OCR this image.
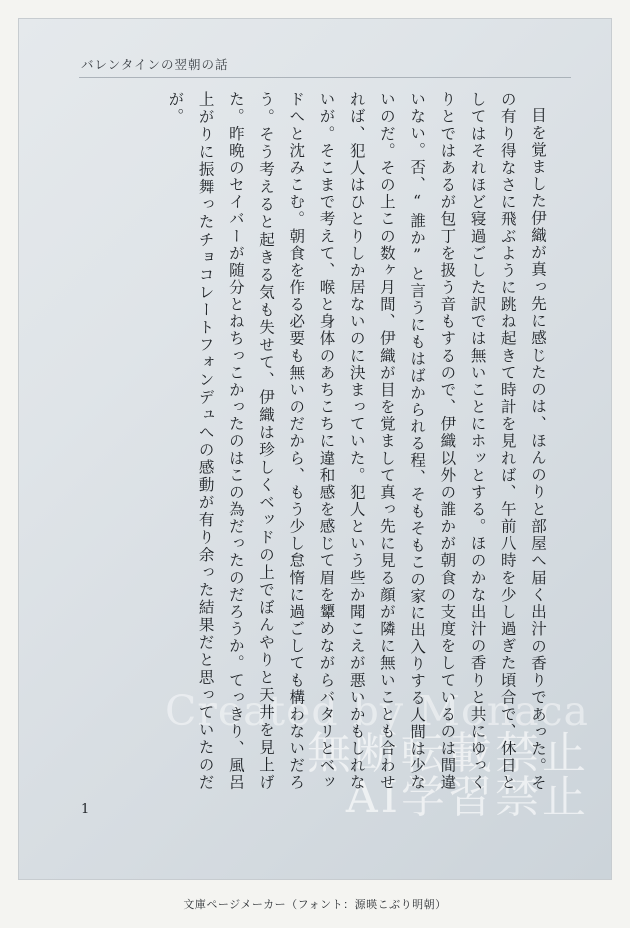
バレンタインの翌朝の話
Created by Monaca
無断転載禁止
AI学習禁止

目を覚ました伊織が真っ先に感じたのは、ほんのりと部屋へ届く出汁の香りであった。その有り得なさに飛ぶように跳ね起きて時計を見れば、午前八時を少し過ぎた頃合で、休日としてはそれほど寝過ごした訳では無いことにホッとする。ほのかな出汁の香りと共にゆっくりとではあるが包丁を扱う音もするので、伊織以外の誰かが朝食の支度をしているのは間違いない。否、“誰か”と言うにもはばかられる程、そもそもこの家に出入りする人間は少ないのだ。その上この数ヶ月間、伊織が目を覚まして真っ先に見る顔が隣に無いことも合わせれば、犯人はひとりしか居ないのに決まっていた。犯人という些か聞こえが悪いかもしれないが。そこまで考えて、喉と身体のあちこちに違和感を感じて眉を顰めながらバタリとベッドへと沈みこむ。朝食を作る必要も無いのだから、もう少し怠惰に過ごしても構わないだろう。そう考えると起きる気も失せて、伊織は珍しくベッドの上でぼんやりと天井を見上げた。昨晩のセイバーが随分とねちっこかったのはこの為だったのだろうか。てっきり、風呂上がりに振舞ったチョコレートフォンデュへの感動が有り余った結果だと思っていたのだが。

1
文庫ページメーカー（フォント：源暎こぶり明朝）
